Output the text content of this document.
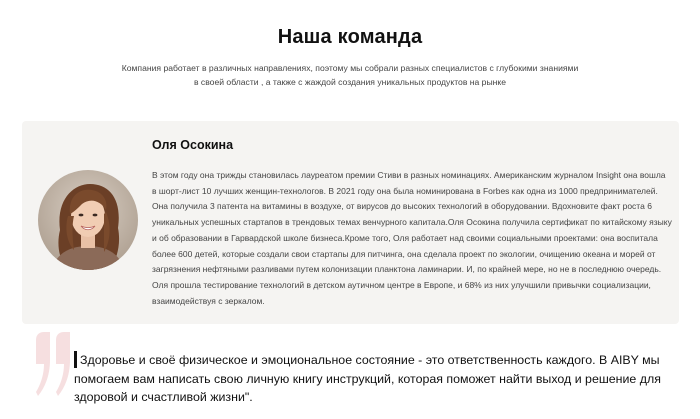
Наша команда

Компания работает в различных направлениях, поэтому мы собрали разных специалистов с глубокими знаниями в своей области , а также с жаждой создания уникальных продуктов на рынке

Оля Осокина
В этом году она трижды становилась лауреатом премии Стиви в разных номинациях. Американским журналом Insight она вошла в шорт-лист 10 лучших женщин-технологов. В 2021 году она была номинирована в Forbes как одна из 1000 предпринимателей. Она получила 3 патента на витамины в воздухе, от вирусов до высоких технологий в оборудовании. Вдохновите факт роста 6 уникальных успешных стартапов в трендовых темах венчурного капитала.Оля Осокина получила сертификат по китайскому языку и об образовании в Гарвардской школе бизнеса.Кроме того, Оля работает над своими социальными проектами: она воспитала более 600 детей, которые создали свои стартапы для питчинга, она сделала проект по экологии, очищению океана и морей от загрязнения нефтяными разливами путем колонизации планктона ламинарии. И, по крайней мере, но не в последнюю очередь. Оля прошла тестирование технологий в детском аутичном центре в Европе, и 68% из них улучшили привычки социализации, взаимодействуя с зеркалом.
Здоровье и своё физическое и эмоциональное состояние - это ответственность каждого. В AIBY мы помогаем вам написать свою личную книгу инструкций, которая поможет найти выход и решение для здоровой и счастливой жизни".
